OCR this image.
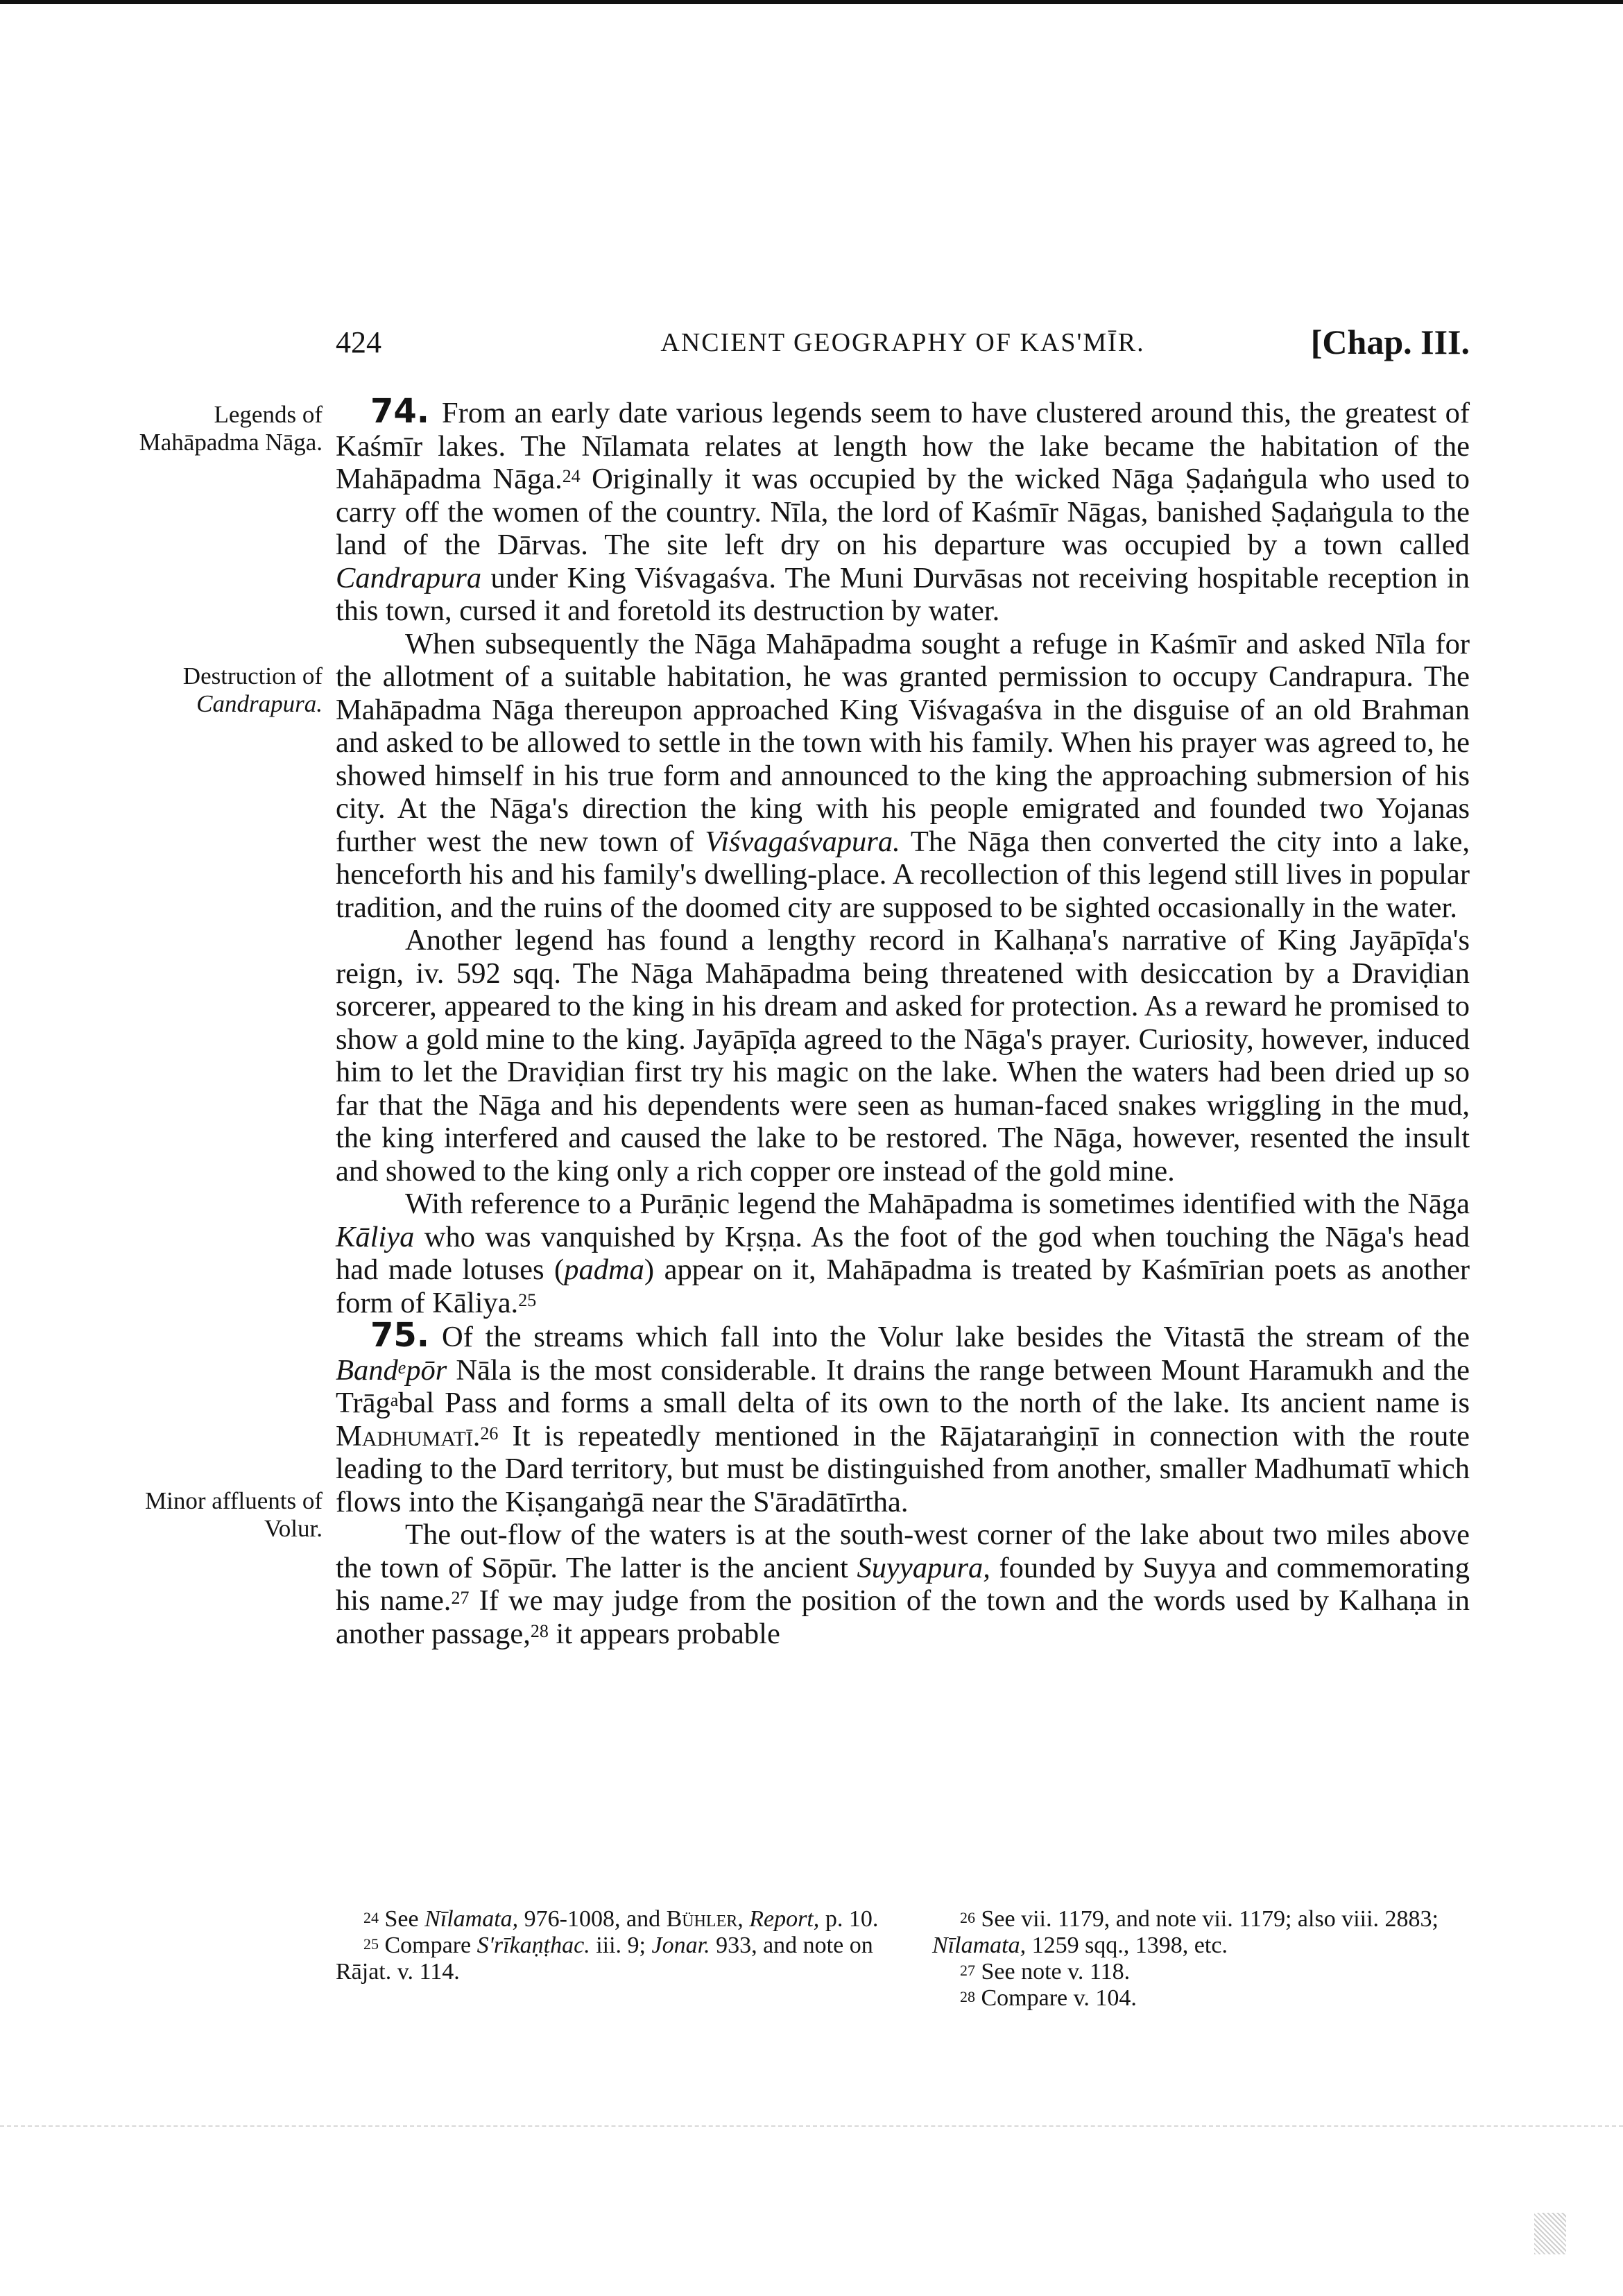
424	ANCIENT GEOGRAPHY OF KAS'MĪR.	[Chap. III.
Legends of
Mahāpadma Nāga.
Destruction of
Candrapura.
Minor affluents of
Volur.

74. From an early date various legends seem to have clustered around this, the greatest of Kaśmīr lakes. The Nīlamata relates at length how the lake became the habitation of the Mahāpadma Nāga.$^{24}$ Originally it was occupied by the wicked Nāga Ṣaḍaṅgula who used to carry off the women of the country. Nīla, the lord of Kaśmīr Nāgas, banished Ṣaḍaṅgula to the land of the Dārvas. The site left dry on his departure was occupied by a town called Candrapura under King Viśvagaśva. The Muni Durvāsas not receiving hospitable reception in this town, cursed it and foretold its destruction by water.

When subsequently the Nāga Mahāpadma sought a refuge in Kaśmīr and asked Nīla for the allotment of a suitable habitation, he was granted permission to occupy Candrapura. The Mahāpadma Nāga thereupon approached King Viśvagaśva in the disguise of an old Brahman and asked to be allowed to settle in the town with his family. When his prayer was agreed to, he showed himself in his true form and announced to the king the approaching submersion of his city. At the Nāga's direction the king with his people emigrated and founded two Yojanas further west the new town of Viśvagaśvapura. The Nāga then converted the city into a lake, henceforth his and his family's dwelling-place. A recollection of this legend still lives in popular tradition, and the ruins of the doomed city are supposed to be sighted occasionally in the water.

Another legend has found a lengthy record in Kalhaṇa's narrative of King Jayāpīḍa's reign, iv. 592 sqq. The Nāga Mahāpadma being threatened with desiccation by a Draviḍian sorcerer, appeared to the king in his dream and asked for protection. As a reward he promised to show a gold mine to the king. Jayāpīḍa agreed to the Nāga's prayer. Curiosity, however, induced him to let the Draviḍian first try his magic on the lake. When the waters had been dried up so far that the Nāga and his dependents were seen as human-faced snakes wriggling in the mud, the king interfered and caused the lake to be restored. The Nāga, however, resented the insult and showed to the king only a rich copper ore instead of the gold mine.

With reference to a Purāṇic legend the Mahāpadma is sometimes identified with the Nāga Kāliya who was vanquished by Kṛṣṇa. As the foot of the god when touching the Nāga's head had made lotuses (padma) appear on it, Mahāpadma is treated by Kaśmīrian poets as another form of Kāliya.$^{25}$

75. Of the streams which fall into the Volur lake besides the Vitastā the stream of the Band$^e$pōr Nāla is the most considerable. It drains the range between Mount Haramukh and the Trāg$^a$bal Pass and forms a small delta of its own to the north of the lake. Its ancient name is Madhumatī.$^{26}$ It is repeatedly mentioned in the Rājataraṅgiṇī in connection with the route leading to the Dard territory, but must be distinguished from another, smaller Madhumatī which flows into the Kiṣangaṅgā near the S'āradātīrtha.

The out-flow of the waters is at the south-west corner of the lake about two miles above the town of Sōpūr. The latter is the ancient Suyyapura, founded by Suyya and commemorating his name.$^{27}$ If we may judge from the position of the town and the words used by Kalhaṇa in another passage,$^{28}$ it appears probable

$^{24}$ See Nīlamata, 976-1008, and Bühler, Report, p. 10.

$^{25}$ Compare S'rīkaṇṭhac. iii. 9; Jonar. 933, and note on Rājat. v. 114.

$^{26}$ See vii. 1179, and note vii. 1179; also viii. 2883; Nīlamata, 1259 sqq., 1398, etc.

$^{27}$ See note v. 118.

$^{28}$ Compare v. 104.
